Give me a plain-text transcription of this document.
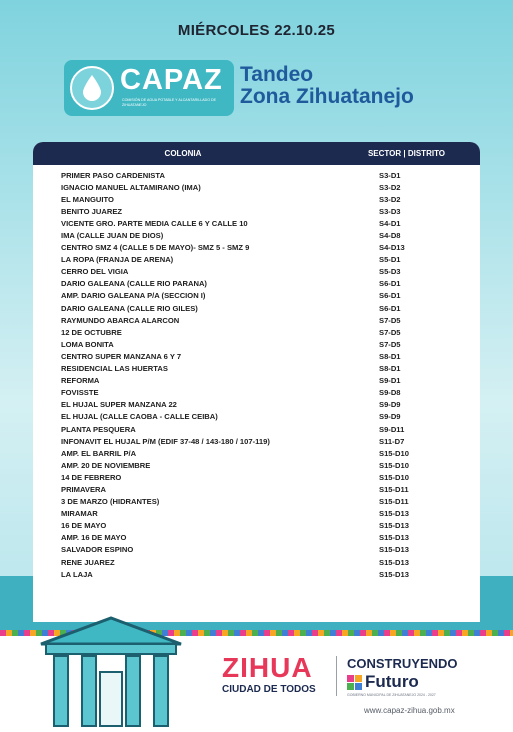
MIÉRCOLES 22.10.25
CAPAZ
COMISIÓN DE AGUA POTABLE Y ALCANTARILLADO DE ZIHUATANEJO
Tandeo
Zona Zihuatanejo
COLONIA	SECTOR | DISTRITO
PRIMER PASO CARDENISTA	S3-D1
IGNACIO MANUEL ALTAMIRANO (IMA)	S3-D2
EL MANGUITO	S3-D2
BENITO JUAREZ	S3-D3
VICENTE GRO. PARTE MEDIA CALLE 6 Y CALLE 10	S4-D1
IMA (CALLE JUAN DE DIOS)	S4-D8
CENTRO SMZ 4 (CALLE 5 DE MAYO)- SMZ 5 - SMZ 9	S4-D13
LA ROPA (FRANJA DE ARENA)	S5-D1
CERRO DEL VIGIA	S5-D3
DARIO GALEANA (CALLE RIO PARANA)	S6-D1
AMP. DARIO GALEANA P/A (SECCION I)	S6-D1
DARIO GALEANA (CALLE RIO GILES)	S6-D1
RAYMUNDO ABARCA ALARCON	S7-D5
12 DE OCTUBRE	S7-D5
LOMA BONITA	S7-D5
CENTRO SUPER MANZANA 6 Y 7	S8-D1
RESIDENCIAL LAS HUERTAS	S8-D1
REFORMA	S9-D1
FOVISSTE	S9-D8
EL HUJAL SUPER MANZANA 22	S9-D9
EL HUJAL (CALLE CAOBA - CALLE CEIBA)	S9-D9
PLANTA PESQUERA	S9-D11
INFONAVIT EL HUJAL P/M (EDIF 37-48 / 143-180 / 107-119)	S11-D7
AMP. EL BARRIL P/A	S15-D10
AMP. 20 DE NOVIEMBRE	S15-D10
14 DE FEBRERO	S15-D10
PRIMAVERA	S15-D11
3 DE MARZO (HIDRANTES)	S15-D11
MIRAMAR	S15-D13
16 DE MAYO	S15-D13
AMP. 16 DE MAYO	S15-D13
SALVADOR ESPINO	S15-D13
RENE JUAREZ	S15-D13
LA LAJA	S15-D13
El tandeo de agua potable está sujeto a cambios, dependiendo del avance y conclusión en sectores previamente programados; para cualquier reporte o consulta sobre el programa de distribución contáctate con nosotros a través de nuestros medios oficiales.
ZIHUA
CIUDAD DE TODOS
CONSTRUYENDO
Futuro
GOBIERNO MUNICIPAL DE ZIHUATANEJO 2024 - 2027
www.capaz-zihua.gob.mx
